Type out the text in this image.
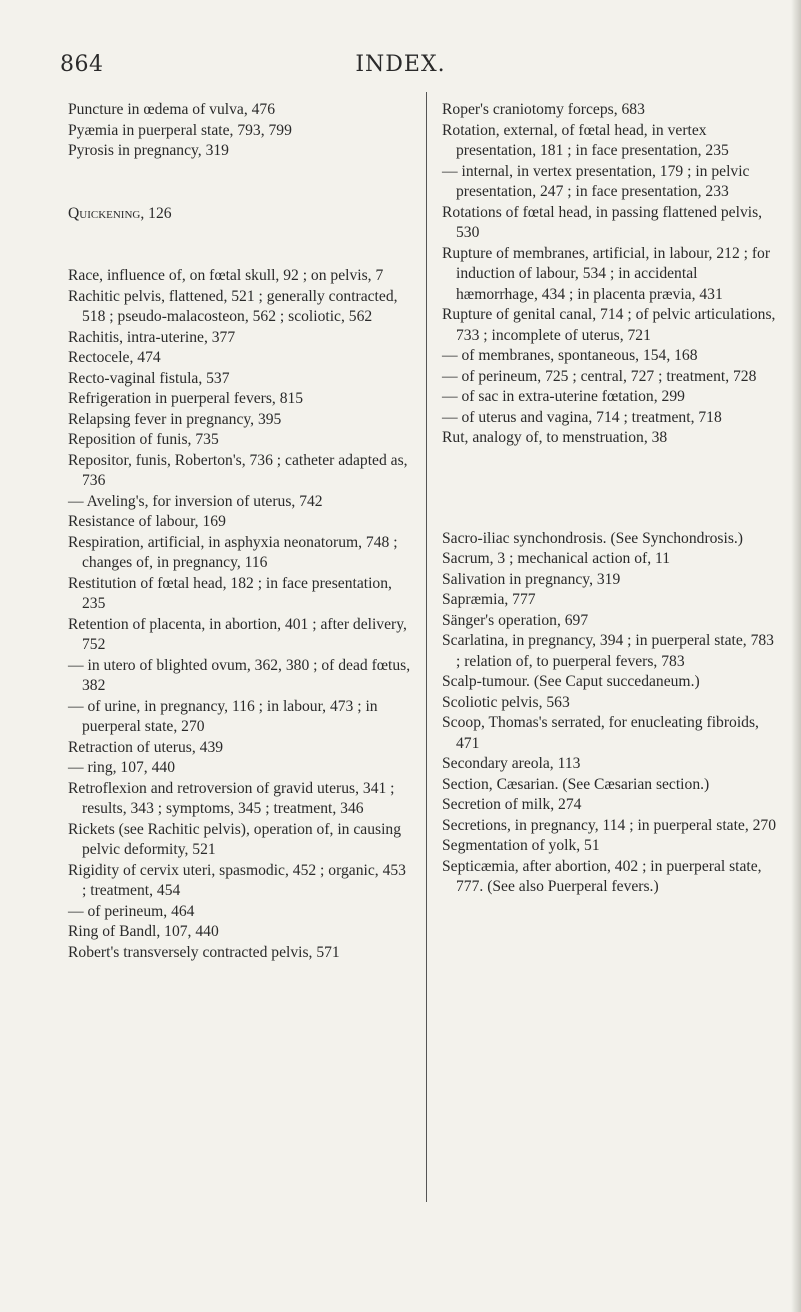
864	INDEX.

Puncture in œdema of vulva, 476

Pyæmia in puerperal state, 793, 799

Pyrosis in pregnancy, 319

Quickening, 126

Race, influence of, on fœtal skull, 92 ; on pelvis, 7

Rachitic pelvis, flattened, 521 ; generally contracted, 518 ; pseudo-malacosteon, 562 ; scoliotic, 562

Rachitis, intra-uterine, 377

Rectocele, 474

Recto-vaginal fistula, 537

Refrigeration in puerperal fevers, 815

Relapsing fever in pregnancy, 395

Reposition of funis, 735

Repositor, funis, Roberton's, 736 ; catheter adapted as, 736

— Aveling's, for inversion of uterus, 742

Resistance of labour, 169

Respiration, artificial, in asphyxia neonatorum, 748 ; changes of, in pregnancy, 116

Restitution of fœtal head, 182 ; in face presentation, 235

Retention of placenta, in abortion, 401 ; after delivery, 752

— in utero of blighted ovum, 362, 380 ; of dead fœtus, 382

— of urine, in pregnancy, 116 ; in labour, 473 ; in puerperal state, 270

Retraction of uterus, 439

— ring, 107, 440

Retroflexion and retroversion of gravid uterus, 341 ; results, 343 ; symptoms, 345 ; treatment, 346

Rickets (see Rachitic pelvis), operation of, in causing pelvic deformity, 521

Rigidity of cervix uteri, spasmodic, 452 ; organic, 453 ; treatment, 454

— of perineum, 464

Ring of Bandl, 107, 440

Robert's transversely contracted pelvis, 571

Roper's craniotomy forceps, 683

Rotation, external, of fœtal head, in vertex presentation, 181 ; in face presentation, 235

— internal, in vertex presentation, 179 ; in pelvic presentation, 247 ; in face presentation, 233

Rotations of fœtal head, in passing flattened pelvis, 530

Rupture of membranes, artificial, in labour, 212 ; for induction of labour, 534 ; in accidental hæmorrhage, 434 ; in placenta prævia, 431

Rupture of genital canal, 714 ; of pelvic articulations, 733 ; incomplete of uterus, 721

— of membranes, spontaneous, 154, 168

— of perineum, 725 ; central, 727 ; treatment, 728

— of sac in extra-uterine fœtation, 299

— of uterus and vagina, 714 ; treatment, 718

Rut, analogy of, to menstruation, 38

Sacro-iliac synchondrosis. (See Synchondrosis.)

Sacrum, 3 ; mechanical action of, 11

Salivation in pregnancy, 319

Sapræmia, 777

Sänger's operation, 697

Scarlatina, in pregnancy, 394 ; in puerperal state, 783 ; relation of, to puerperal fevers, 783

Scalp-tumour. (See Caput succedaneum.)

Scoliotic pelvis, 563

Scoop, Thomas's serrated, for enucleating fibroids, 471

Secondary areola, 113

Section, Cæsarian. (See Cæsarian section.)

Secretion of milk, 274

Secretions, in pregnancy, 114 ; in puerperal state, 270

Segmentation of yolk, 51

Septicæmia, after abortion, 402 ; in puerperal state, 777. (See also Puerperal fevers.)
